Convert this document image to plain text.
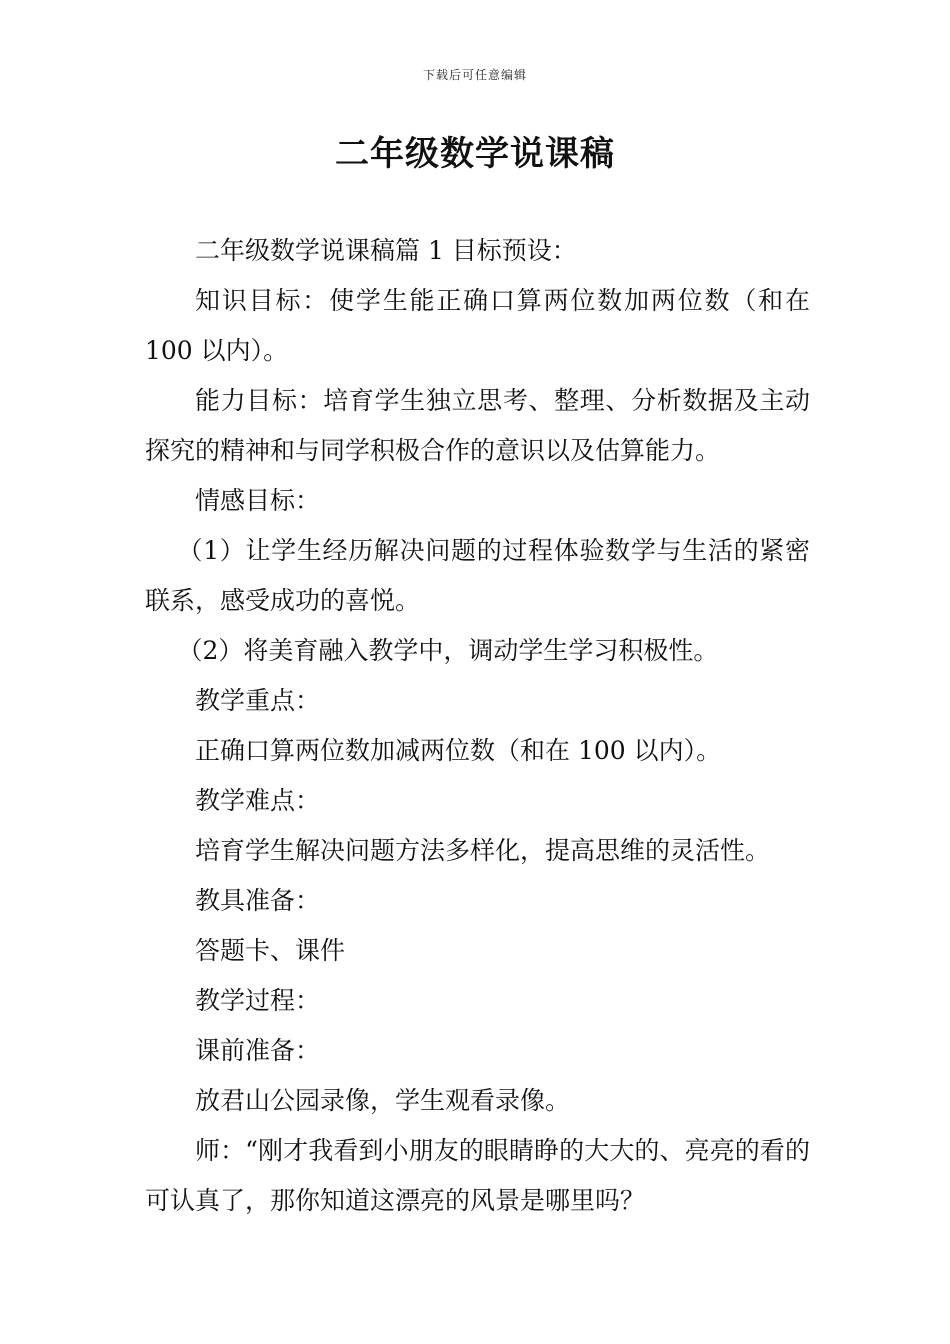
下载后可任意编辑
二年级数学说课稿

二年级数学说课稿篇 1 目标预设：

知识目标：使学生能正确口算两位数加两位数（和在 100 以内）。

能力目标：培育学生独立思考、整理、分析数据及主动探究的精神和与同学积极合作的意识以及估算能力。

情感目标：

（1）让学生经历解决问题的过程体验数学与生活的紧密联系，感受成功的喜悦。

（2）将美育融入教学中，调动学生学习积极性。

教学重点：

正确口算两位数加减两位数（和在 100 以内）。

教学难点：

培育学生解决问题方法多样化，提高思维的灵活性。

教具准备：

答题卡、课件

教学过程：

课前准备：

放君山公园录像，学生观看录像。

师：“刚才我看到小朋友的眼睛睁的大大的、亮亮的看的可认真了，那你知道这漂亮的风景是哪里吗？
